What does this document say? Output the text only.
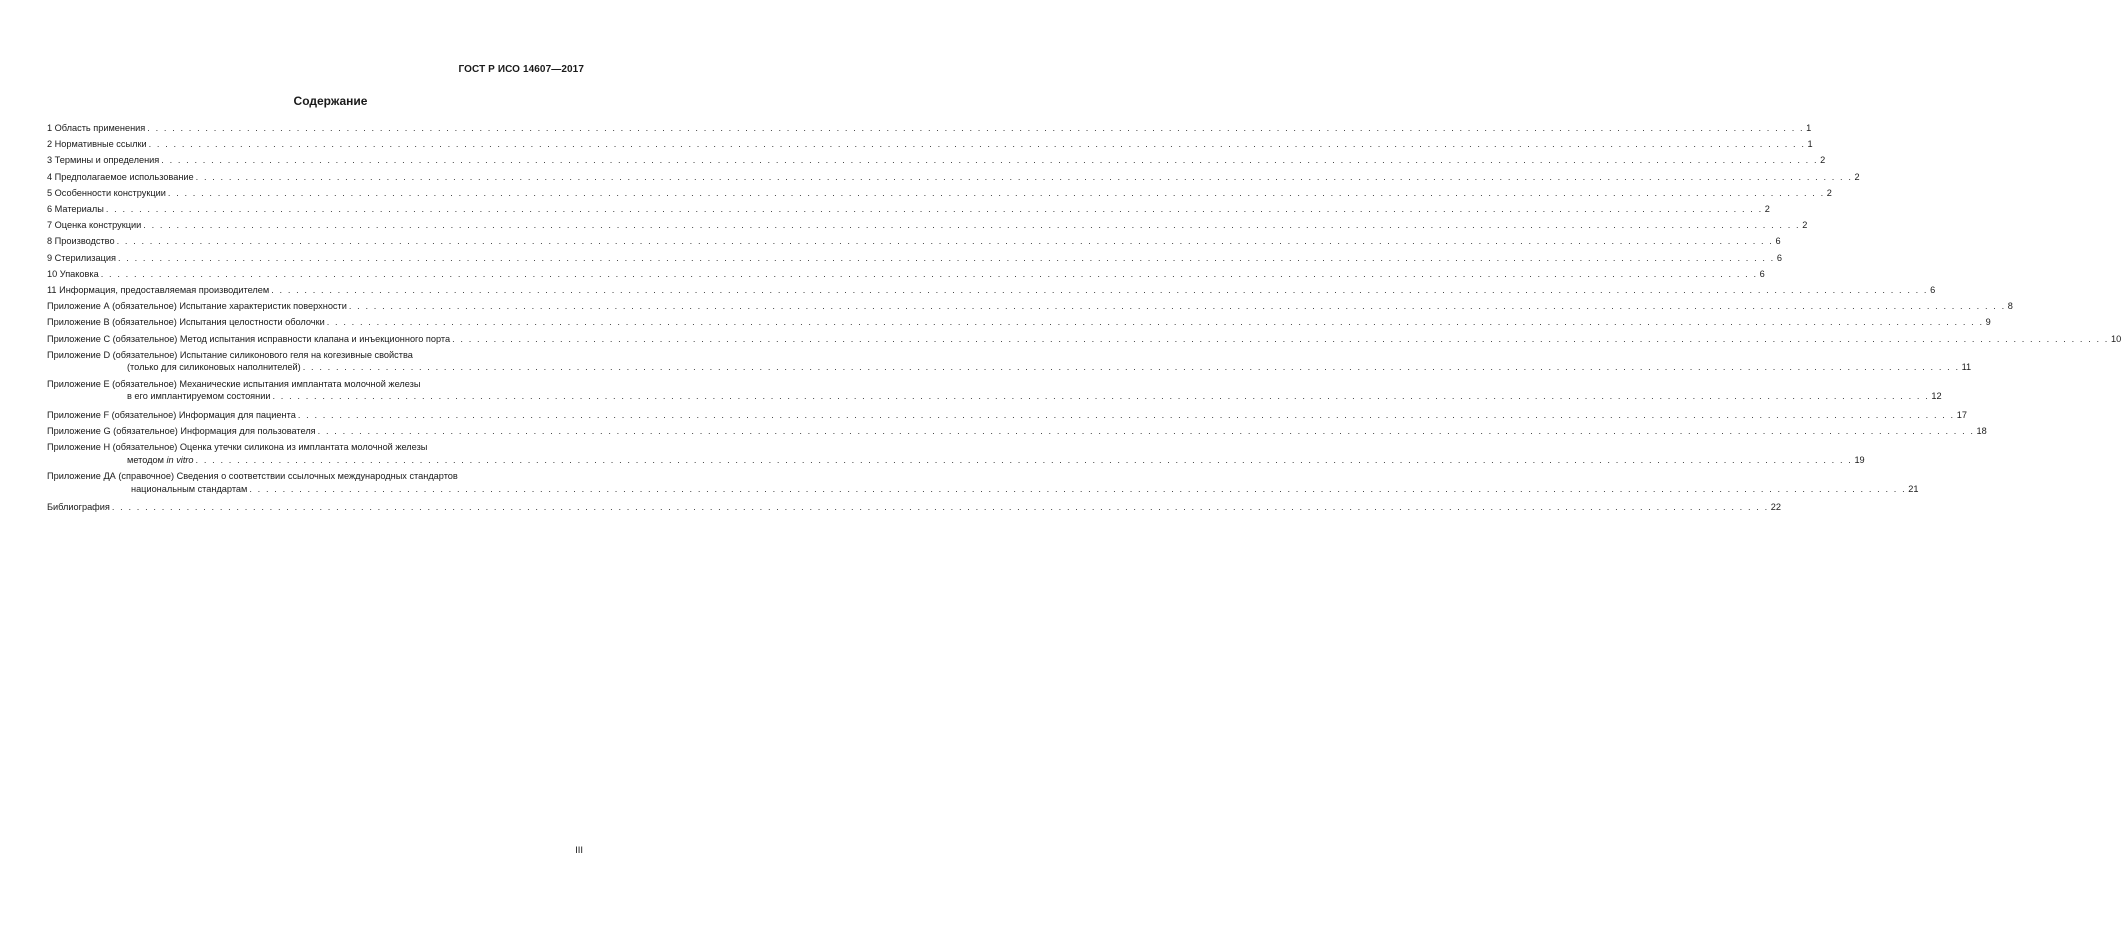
ГОСТ Р ИСО 14607—2017
Содержание
1 Область применения . . . . . . . . . . . . . . . . . . . . . . . . . . . . . . . . . . . . . . . . . . . . . . . . . . . . . . . . . . . . . . . . . . . . . . . . . . . . . . . . . . . . . . . . . . . . . . . . . . . . . . . . . . . . . . . . . . . . . . . . . . . . . . . . . . . . . . . . . . . . . . . . . . . . . . . . . . . . . . . . . . . . . . . . . . . . . . . . . . . . . . . . . . . . . . . . . . . . . . . . 1
2 Нормативные ссылки . . . . . . . . . . . . . . . . . . . . . . . . . . . . . . . . . . . . . . . . . . . . . . . . . . . . . . . . . . . . . . . . . . . . . . . . . . . . . . . . . . . . . . . . . . . . . . . . . . . . . . . . . . . . . . . . . . . . . . . . . . . . . . . . . . . . . . . . . . . . . . . . . . . . . . . . . . . . . . . . . . . . . . . . . . . . . . . . . . . . . . . . . . . . . . . . . . . . . . . . 1
3 Термины и определения . . . . . . . . . . . . . . . . . . . . . . . . . . . . . . . . . . . . . . . . . . . . . . . . . . . . . . . . . . . . . . . . . . . . . . . . . . . . . . . . . . . . . . . . . . . . . . . . . . . . . . . . . . . . . . . . . . . . . . . . . . . . . . . . . . . . . . . . . . . . . . . . . . . . . . . . . . . . . . . . . . . . . . . . . . . . . . . . . . . . . . . . . . . . . . . . . . . . . . . . 2
4 Предполагаемое использование . . . . . . . . . . . . . . . . . . . . . . . . . . . . . . . . . . . . . . . . . . . . . . . . . . . . . . . . . . . . . . . . . . . . . . . . . . . . . . . . . . . . . . . . . . . . . . . . . . . . . . . . . . . . . . . . . . . . . . . . . . . . . . . . . . . . . . . . . . . . . . . . . . . . . . . . . . . . . . . . . . . . . . . . . . . . . . . . . . . . . . . . . . . . . . . . . . . . . . . . 2
5 Особенности конструкции . . . . . . . . . . . . . . . . . . . . . . . . . . . . . . . . . . . . . . . . . . . . . . . . . . . . . . . . . . . . . . . . . . . . . . . . . . . . . . . . . . . . . . . . . . . . . . . . . . . . . . . . . . . . . . . . . . . . . . . . . . . . . . . . . . . . . . . . . . . . . . . . . . . . . . . . . . . . . . . . . . . . . . . . . . . . . . . . . . . . . . . . . . . . . . . . . . . . . . . . 2
6 Материалы . . . . . . . . . . . . . . . . . . . . . . . . . . . . . . . . . . . . . . . . . . . . . . . . . . . . . . . . . . . . . . . . . . . . . . . . . . . . . . . . . . . . . . . . . . . . . . . . . . . . . . . . . . . . . . . . . . . . . . . . . . . . . . . . . . . . . . . . . . . . . . . . . . . . . . . . . . . . . . . . . . . . . . . . . . . . . . . . . . . . . . . . . . . . . . . . . . . . . . . . 2
7 Оценка конструкции . . . . . . . . . . . . . . . . . . . . . . . . . . . . . . . . . . . . . . . . . . . . . . . . . . . . . . . . . . . . . . . . . . . . . . . . . . . . . . . . . . . . . . . . . . . . . . . . . . . . . . . . . . . . . . . . . . . . . . . . . . . . . . . . . . . . . . . . . . . . . . . . . . . . . . . . . . . . . . . . . . . . . . . . . . . . . . . . . . . . . . . . . . . . . . . . . . . . . . . . 2
8 Производство . . . . . . . . . . . . . . . . . . . . . . . . . . . . . . . . . . . . . . . . . . . . . . . . . . . . . . . . . . . . . . . . . . . . . . . . . . . . . . . . . . . . . . . . . . . . . . . . . . . . . . . . . . . . . . . . . . . . . . . . . . . . . . . . . . . . . . . . . . . . . . . . . . . . . . . . . . . . . . . . . . . . . . . . . . . . . . . . . . . . . . . . . . . . . . . . . . . . . . . . 6
9 Стерилизация . . . . . . . . . . . . . . . . . . . . . . . . . . . . . . . . . . . . . . . . . . . . . . . . . . . . . . . . . . . . . . . . . . . . . . . . . . . . . . . . . . . . . . . . . . . . . . . . . . . . . . . . . . . . . . . . . . . . . . . . . . . . . . . . . . . . . . . . . . . . . . . . . . . . . . . . . . . . . . . . . . . . . . . . . . . . . . . . . . . . . . . . . . . . . . . . . . . . . . . . 6
10 Упаковка . . . . . . . . . . . . . . . . . . . . . . . . . . . . . . . . . . . . . . . . . . . . . . . . . . . . . . . . . . . . . . . . . . . . . . . . . . . . . . . . . . . . . . . . . . . . . . . . . . . . . . . . . . . . . . . . . . . . . . . . . . . . . . . . . . . . . . . . . . . . . . . . . . . . . . . . . . . . . . . . . . . . . . . . . . . . . . . . . . . . . . . . . . . . . . . . . . . . . . . . 6
11 Информация, предоставляемая производителем . . . . . . . . . . . . . . . . . . . . . . . . . . . . . . . . . . . . . . . . . . . . . . . . . . . . . . . . . . . . . . . . . . . . . . . . . . . . . . . . . . . . . . . . . . . . . . . . . . . . . . . . . . . . . . . . . . . . . . . . . . . . . . . . . . . . . . . . . . . . . . . . . . . . . . . . . . . . . . . . . . . . . . . . . . . . . . . . . . . . . . . . . . . . . . . . . . . . . . . . 6
Приложение А (обязательное) Испытание характеристик поверхности . . . . . . . . . . . . . . . . . . . . . . . . . . . . . . . . . . . . . . . . . . . . . . . . . . . . . . . . . . . . . . . . . . . . . . . . . . . . . . . . . . . . . . . . . . . . . . . . . . . . . . . . . . . . . . . . . . . . . . . . . . . . . . . . . . . . . . . . . . . . . . . . . . . . . . . . . . . . . . . . . . . . . . . . . . . . . . . . . . . . . . . . . . . . . . . . . . . . . . . . 8
Приложение В (обязательное) Испытания целостности оболочки . . . . . . . . . . . . . . . . . . . . . . . . . . . . . . . . . . . . . . . . . . . . . . . . . . . . . . . . . . . . . . . . . . . . . . . . . . . . . . . . . . . . . . . . . . . . . . . . . . . . . . . . . . . . . . . . . . . . . . . . . . . . . . . . . . . . . . . . . . . . . . . . . . . . . . . . . . . . . . . . . . . . . . . . . . . . . . . . . . . . . . . . . . . . . . . . . . . . . . . . 9
Приложение С (обязательное) Метод испытания исправности клапана и инъекционного порта . . . . . . . . . . . . . . . . . . . . . . . . . . . . . . . . . . . . . . . . . . . . . . . . . . . . . . . . . . . . . . . . . . . . . . . . . . . . . . . . . . . . . . . . . . . . . . . . . . . . . . . . . . . . . . . . . . . . . . . . . . . . . . . . . . . . . . . . . . . . . . . . . . . . . . . . . . . . . . . . . . . . . . . . . . . . . . . . . . . . . . . . . . . . . . . . . . . . . . . . 10
Приложение D (обязательное) Испытание силиконового геля на когезивные свойства
(только для силиконовых наполнителей) . . . . . . . . . . . . . . . . . . . . . . . . . . . . . . . . . . . . . . . . . . . . . . . . . . . . . . . . . . . . . . . . . . . . . . . . . . . . . . . . . . . . . . . . . . . . . . . . . . . . . . . . . . . . . . . . . . . . . . . . . . . . . . . . . . . . . . . . . . . . . . . . . . . . . . . . . . . . . . . . . . . . . . . . . . . . . . . . . . . . . . . . . . . . . . . . . . . . . . . . 11
Приложение Е (обязательное) Механические испытания имплантата молочной железы
в его имплантируемом состоянии . . . . . . . . . . . . . . . . . . . . . . . . . . . . . . . . . . . . . . . . . . . . . . . . . . . . . . . . . . . . . . . . . . . . . . . . . . . . . . . . . . . . . . . . . . . . . . . . . . . . . . . . . . . . . . . . . . . . . . . . . . . . . . . . . . . . . . . . . . . . . . . . . . . . . . . . . . . . . . . . . . . . . . . . . . . . . . . . . . . . . . . . . . . . . . . . . . . . . . . . 12
Приложение F (обязательное) Информация для пациента . . . . . . . . . . . . . . . . . . . . . . . . . . . . . . . . . . . . . . . . . . . . . . . . . . . . . . . . . . . . . . . . . . . . . . . . . . . . . . . . . . . . . . . . . . . . . . . . . . . . . . . . . . . . . . . . . . . . . . . . . . . . . . . . . . . . . . . . . . . . . . . . . . . . . . . . . . . . . . . . . . . . . . . . . . . . . . . . . . . . . . . . . . . . . . . . . . . . . . . . 17
Приложение G (обязательное) Информация для пользователя . . . . . . . . . . . . . . . . . . . . . . . . . . . . . . . . . . . . . . . . . . . . . . . . . . . . . . . . . . . . . . . . . . . . . . . . . . . . . . . . . . . . . . . . . . . . . . . . . . . . . . . . . . . . . . . . . . . . . . . . . . . . . . . . . . . . . . . . . . . . . . . . . . . . . . . . . . . . . . . . . . . . . . . . . . . . . . . . . . . . . . . . . . . . . . . . . . . . . . . . 18
Приложение Н (обязательное) Оценка утечки силикона из имплантата молочной железы
методом in vitro . . . . . . . . . . . . . . . . . . . . . . . . . . . . . . . . . . . . . . . . . . . . . . . . . . . . . . . . . . . . . . . . . . . . . . . . . . . . . . . . . . . . . . . . . . . . . . . . . . . . . . . . . . . . . . . . . . . . . . . . . . . . . . . . . . . . . . . . . . . . . . . . . . . . . . . . . . . . . . . . . . . . . . . . . . . . . . . . . . . . . . . . . . . . . . . . . . . . . . . . 19
Приложение ДА (справочное) Сведения о соответствии ссылочных международных стандартов
национальным стандартам . . . . . . . . . . . . . . . . . . . . . . . . . . . . . . . . . . . . . . . . . . . . . . . . . . . . . . . . . . . . . . . . . . . . . . . . . . . . . . . . . . . . . . . . . . . . . . . . . . . . . . . . . . . . . . . . . . . . . . . . . . . . . . . . . . . . . . . . . . . . . . . . . . . . . . . . . . . . . . . . . . . . . . . . . . . . . . . . . . . . . . . . . . . . . . . . . . . . . . . . 21
Библиография . . . . . . . . . . . . . . . . . . . . . . . . . . . . . . . . . . . . . . . . . . . . . . . . . . . . . . . . . . . . . . . . . . . . . . . . . . . . . . . . . . . . . . . . . . . . . . . . . . . . . . . . . . . . . . . . . . . . . . . . . . . . . . . . . . . . . . . . . . . . . . . . . . . . . . . . . . . . . . . . . . . . . . . . . . . . . . . . . . . . . . . . . . . . . . . . . . . . . . . . 22
III
